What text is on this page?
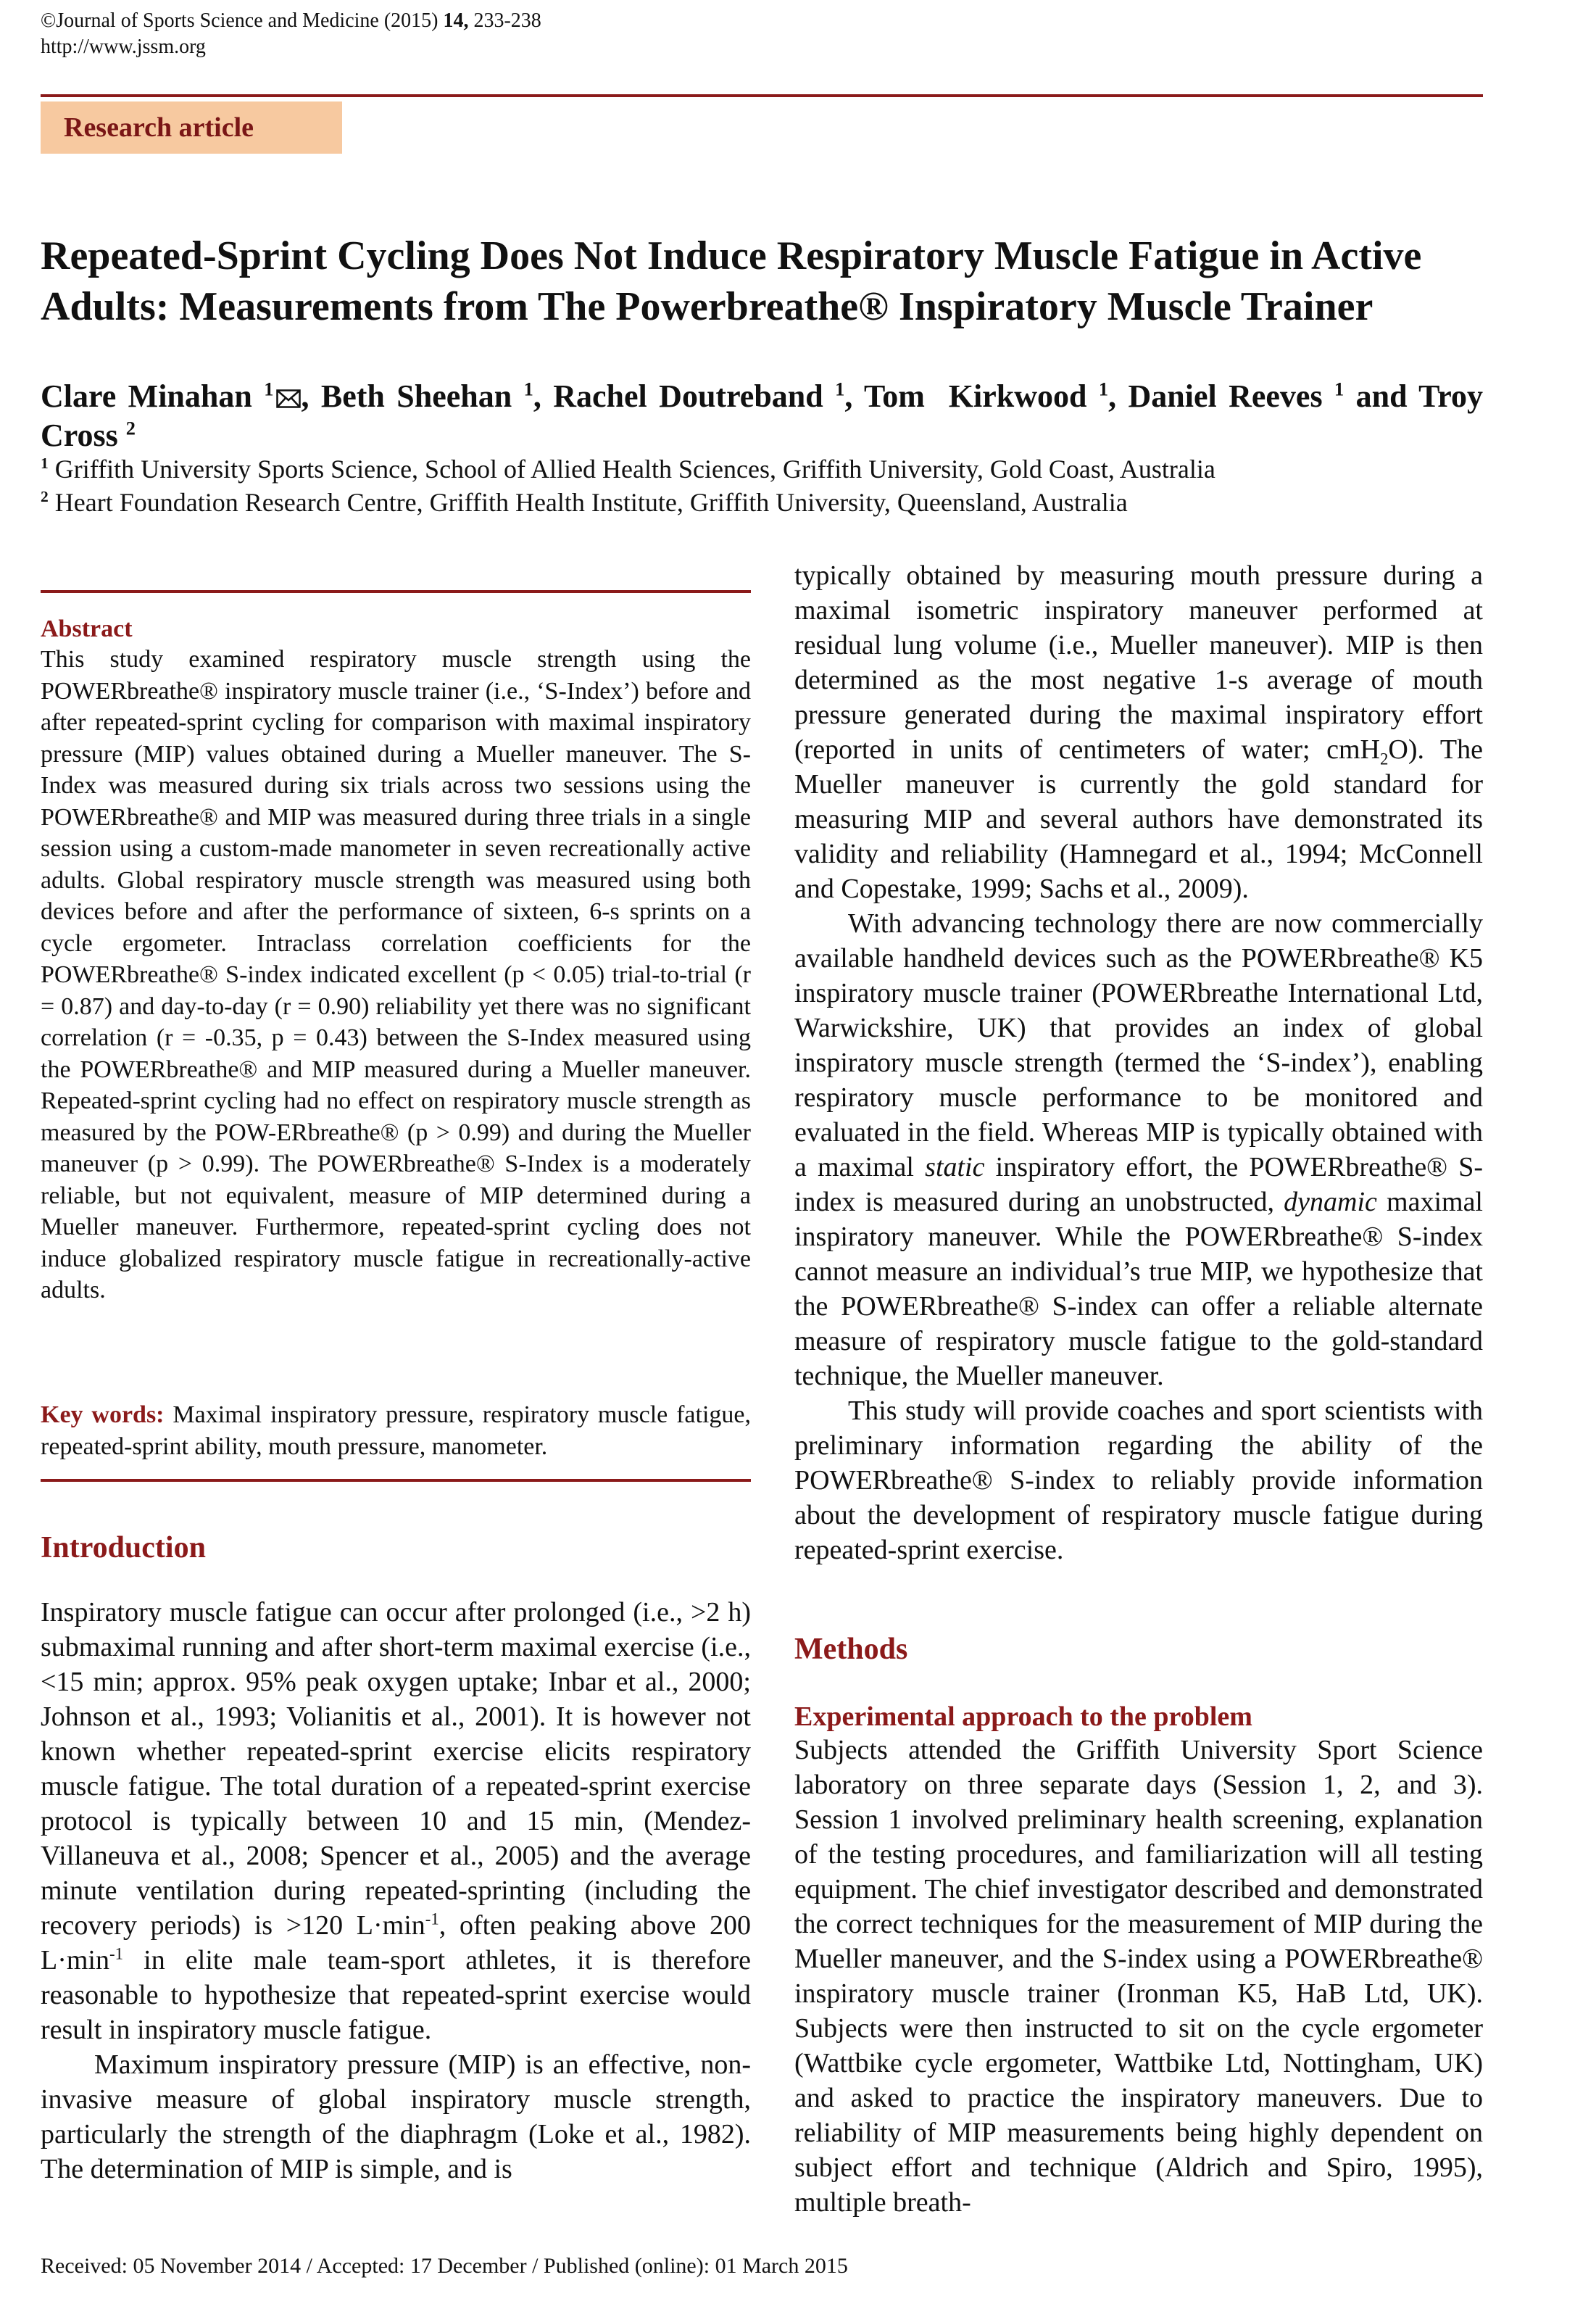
©Journal of Sports Science and Medicine (2015) 14, 233-238
http://www.jssm.org
Research article
Repeated-Sprint Cycling Does Not Induce Respiratory Muscle Fatigue in Active Adults: Measurements from The Powerbreathe® Inspiratory Muscle Trainer
Clare Minahan $^1$ , Beth Sheehan $^1$, Rachel Doutreband $^1$, Tom  Kirkwood $^1$, Daniel Reeves $^1$ and Troy Cross $^2$
$^1$ Griffith University Sports Science, School of Allied Health Sciences, Griffith University, Gold Coast, Australia
$^2$ Heart Foundation Research Centre, Griffith Health Institute, Griffith University, Queensland, Australia
Abstract
This study examined respiratory muscle strength using the POWERbreathe® inspiratory muscle trainer (i.e., ‘S-Index’) before and after repeated-sprint cycling for comparison with maximal inspiratory pressure (MIP) values obtained during a Mueller maneuver. The S-Index was measured during six trials across two sessions using the POWERbreathe® and MIP was measured during three trials in a single session using a custom-made manometer in seven recreationally active adults. Global respiratory muscle strength was measured using both devices before and after the performance of sixteen, 6-s sprints on a cycle ergometer. Intraclass correlation coefficients for the POWERbreathe® S-index indicated excellent (p < 0.05) trial-to-trial (r = 0.87) and day-to-day (r = 0.90) reliability yet there was no significant correlation (r = -0.35, p = 0.43) between the S-Index measured using the POWERbreathe® and MIP measured during a Mueller maneuver. Repeated-sprint cycling had no effect on respiratory muscle strength as measured by the POW-ERbreathe® (p > 0.99) and during the Mueller maneuver (p > 0.99). The POWERbreathe® S-Index is a moderately reliable, but not equivalent, measure of MIP determined during a Mueller maneuver. Furthermore, repeated-sprint cycling does not induce globalized respiratory muscle fatigue in recreationally-active adults.
Key words: Maximal inspiratory pressure, respiratory muscle fatigue, repeated-sprint ability, mouth pressure, manometer.
Introduction

Inspiratory muscle fatigue can occur after prolonged (i.e., >2 h) submaximal running and after short-term maximal exercise (i.e., <15 min; approx. 95% peak oxygen uptake; Inbar et al., 2000; Johnson et al., 1993; Volianitis et al., 2001). It is however not known whether repeated-sprint exercise elicits respiratory muscle fatigue. The total duration of a repeated-sprint exercise protocol is typically between 10 and 15 min, (Mendez-Villaneuva et al., 2008; Spencer et al., 2005) and the average minute ventilation during repeated-sprinting (including the recovery periods) is >120 $L\cdot\min^{-1}$, often peaking above 200 $L\cdot\min^{-1}$ in elite male team-sport athletes, it is therefore reasonable to hypothesize that repeated-sprint exercise would result in inspiratory muscle fatigue.

Maximum inspiratory pressure (MIP) is an effective, non-invasive measure of global inspiratory muscle strength, particularly the strength of the diaphragm (Loke et al., 1982). The determination of MIP is simple, and is

typically obtained by measuring mouth pressure during a maximal isometric inspiratory maneuver performed at residual lung volume (i.e., Mueller maneuver). MIP is then determined as the most negative 1-s average of mouth pressure generated during the maximal inspiratory effort (reported in units of centimeters of water; cmH$_2$O). The Mueller maneuver is currently the gold standard for measuring MIP and several authors have demonstrated its validity and reliability (Hamnegard et al., 1994; McConnell and Copestake, 1999; Sachs et al., 2009).

With advancing technology there are now commercially available handheld devices such as the POWERbreathe® K5 inspiratory muscle trainer (POWERbreathe International Ltd, Warwickshire, UK) that provides an index of global inspiratory muscle strength (termed the ‘S-index’), enabling respiratory muscle performance to be monitored and evaluated in the field. Whereas MIP is typically obtained with a maximal static inspiratory effort, the POWERbreathe® S-index is measured during an unobstructed, dynamic maximal inspiratory maneuver. While the POWERbreathe® S-index cannot measure an individual’s true MIP, we hypothesize that the POWERbreathe® S-index can offer a reliable alternate measure of respiratory muscle fatigue to the gold-standard technique, the Mueller maneuver.

This study will provide coaches and sport scientists with preliminary information regarding the ability of the POWERbreathe® S-index to reliably provide information about the development of respiratory muscle fatigue during repeated-sprint exercise.

Methods
Experimental approach to the problem
Subjects attended the Griffith University Sport Science laboratory on three separate days (Session 1, 2, and 3). Session 1 involved preliminary health screening, explanation of the testing procedures, and familiarization will all testing equipment. The chief investigator described and demonstrated the correct techniques for the measurement of MIP during the Mueller maneuver, and the S-index using a POWERbreathe® inspiratory muscle trainer (Ironman K5, HaB Ltd, UK). Subjects were then instructed to sit on the cycle ergometer (Wattbike cycle ergometer, Wattbike Ltd, Nottingham, UK) and asked to practice the inspiratory maneuvers. Due to reliability of MIP measurements being highly dependent on subject effort and technique (Aldrich and Spiro, 1995), multiple breath-
Received: 05 November 2014 / Accepted: 17 December / Published (online): 01 March 2015
